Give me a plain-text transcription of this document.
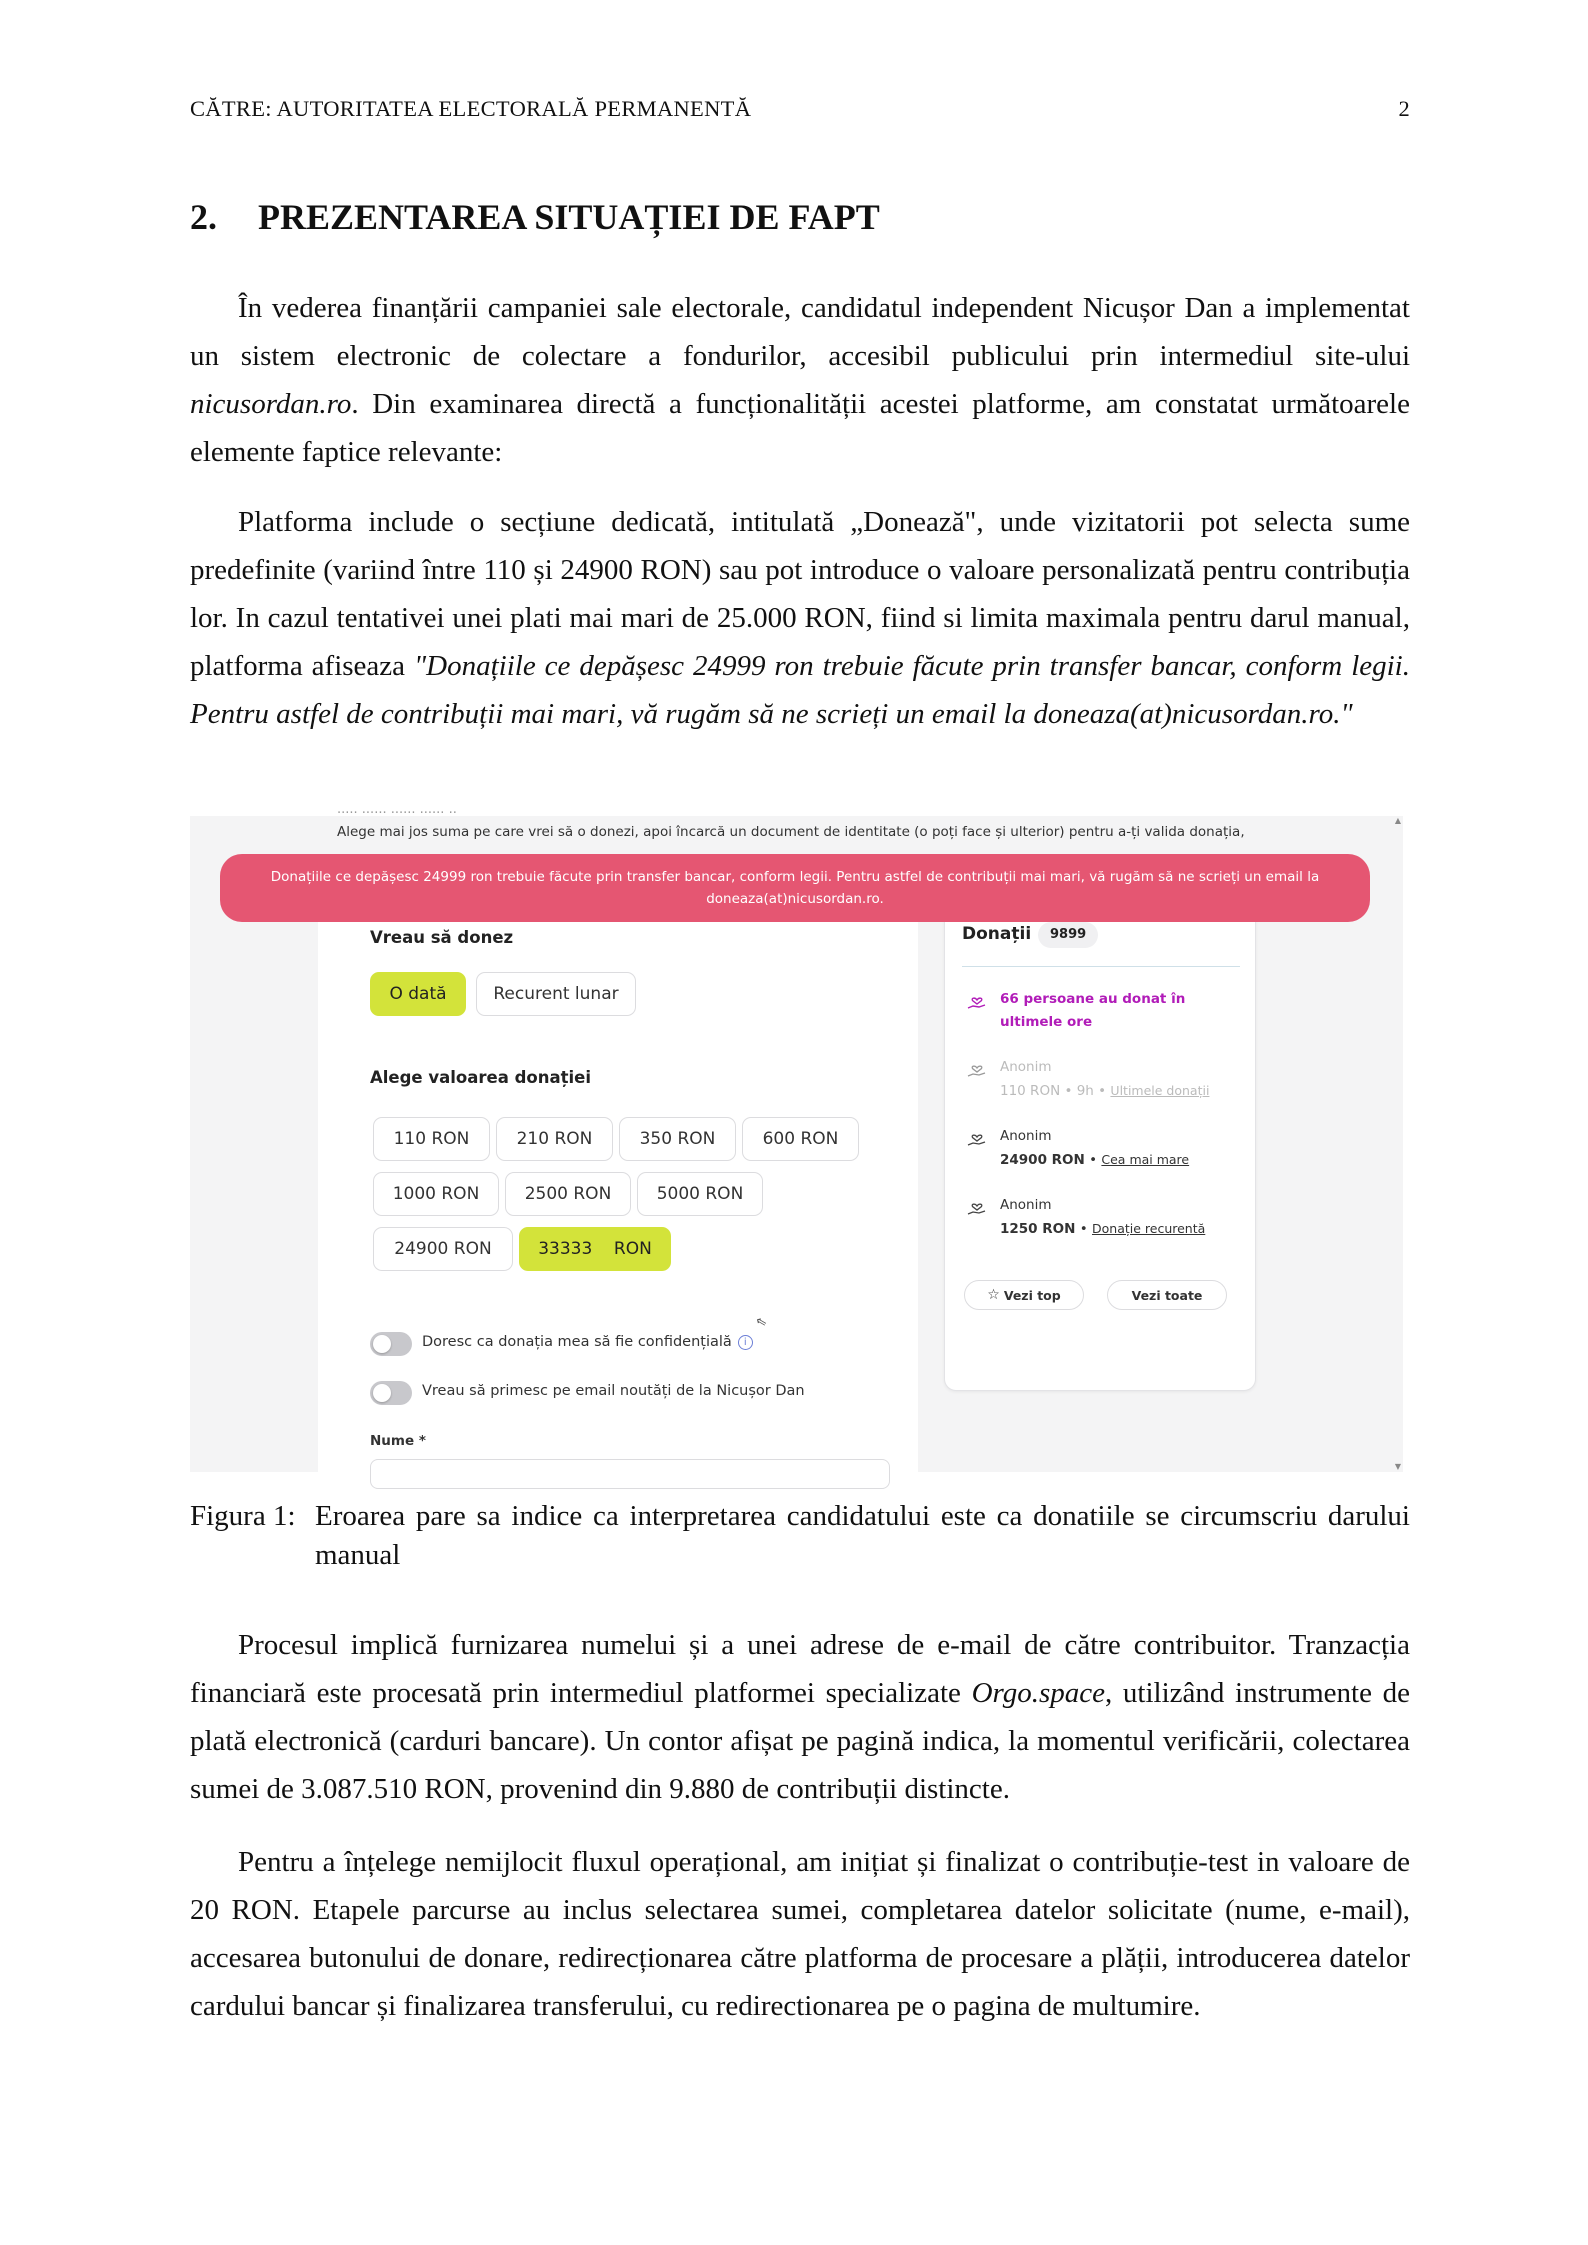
CĂTRE: AUTORITATEA ELECTORALĂ PERMANENTĂ	2
2. PREZENTAREA SITUAȚIEI DE FAPT

În vederea finanțării campaniei sale electorale, candidatul independent Nicușor Dan a implementat un sistem electronic de colectare a fondurilor, accesibil publicului prin intermediul site-ului nicusordan.ro. Din examinarea directă a funcționalității acestei platforme, am constatat următoarele elemente faptice relevante:

Platforma include o secțiune dedicată, intitulată „Donează", unde vizitatorii pot selecta sume predefinite (variind între 110 și 24900 RON) sau pot introduce o valoare personalizată pentru contribuția lor. In cazul tentativei unei plati mai mari de 25.000 RON, fiind si limita maximala pentru darul manual, platforma afiseaza "Donațiile ce depășesc 24999 ron trebuie făcute prin transfer bancar, conform legii. Pentru astfel de contribuții mai mari, vă rugăm să ne scrieți un email la doneaza(at)nicusordan.ro."

····· ······ ······ ······ ··
Alege mai jos suma pe care vrei să o donezi, apoi încarcă un document de identitate (o poți face și ulterior) pentru a-ți valida donația,
Donațiile ce depășesc 24999 ron trebuie făcute prin transfer bancar, conform legii. Pentru astfel de contribuții mai mari, vă rugăm să ne scrieți un email la doneaza(at)nicusordan.ro.
Vreau să donez
O dată	Recurent lunar
Alege valoarea donației
110 RON	210 RON	350 RON	600 RON
1000 RON	2500 RON	5000 RON
24900 RON	33333    RON
⇖
Doresc ca donația mea să fie confidențială i
Vreau să primesc pe email noutăți de la Nicușor Dan
Nume *
Donații	9899
66 persoane au donat în ultimele ore
Anonim
110 RON • 9h • Ultimele donații
Anonim
24900 RON • Cea mai mare
Anonim
1250 RON • Donație recurentă
☆ Vezi top	Vezi toate
▲
▼
Figura 1: Eroarea pare sa indice ca interpretarea candidatului este ca donatiile se circumscriu darului manual

Procesul implică furnizarea numelui și a unei adrese de e-mail de către contribuitor. Tranzacția financiară este procesată prin intermediul platformei specializate Orgo.space, utilizând instrumente de plată electronică (carduri bancare). Un contor afișat pe pagină indica, la momentul verificării, colectarea sumei de 3.087.510 RON, provenind din 9.880 de contribuții distincte.

Pentru a înțelege nemijlocit fluxul operațional, am inițiat și finalizat o contribuție-test in valoare de 20 RON. Etapele parcurse au inclus selectarea sumei, completarea datelor solicitate (nume, e-mail), accesarea butonului de donare, redirecționarea către platforma de procesare a plății, introducerea datelor cardului bancar și finalizarea transferului, cu redirectionarea pe o pagina de multumire.
